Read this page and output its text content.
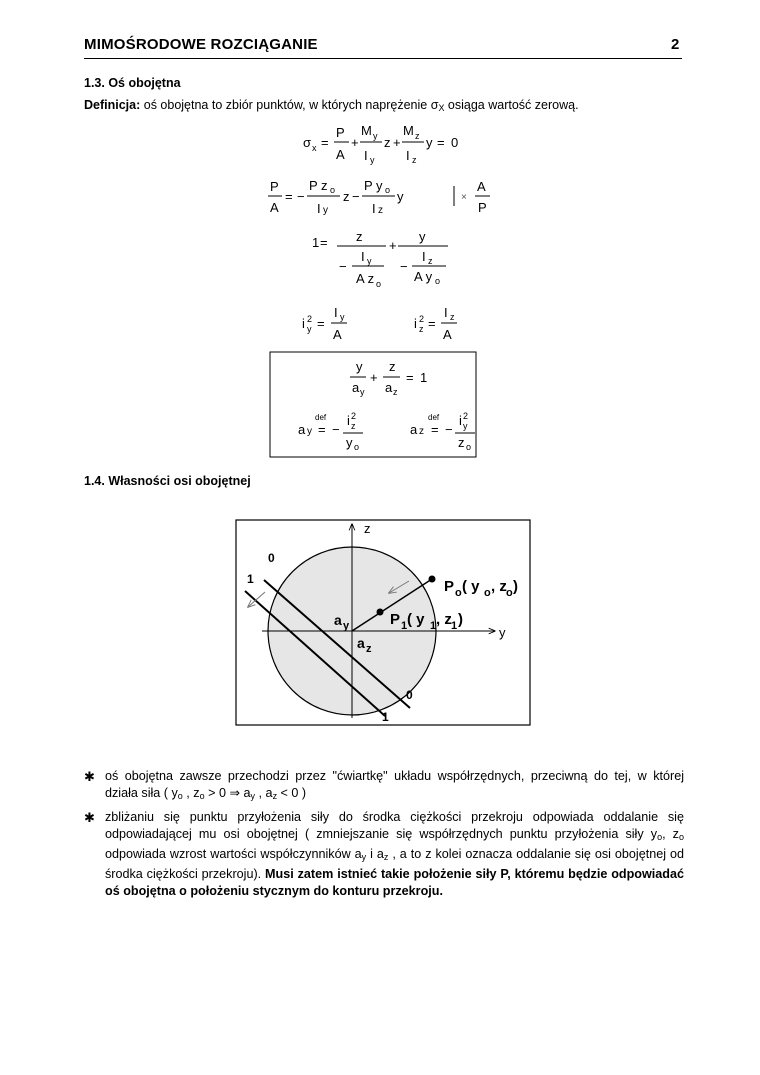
MIMOŚRODOWE ROZCIĄGANIE	2
1.3. Oś obojętna
Definicja: oś obojętna to zbiór punktów, w których naprężenie $\sigma_X$ osiąga wartość zerową.
σ x =
P
A
+
M y
I y
z +
M z
I z
y = 0
P
A
= −
P z o
I y
z −
P y o
I z
y	×
A
P
1 = z
−
I y
A z o
+
y
−
I z
A y o
i 2
y =
I y
A
i 2
z =
I z
A
y
a y
+
z
a z
= 1
a y
def
= −
i 2
z
y o
a z
def
= −
i 2
y
z o
1.4. Własności osi obojętnej
z
y
0
1
0
1
P o ( y o , z o )
P 1 ( y 1 , z 1 )
a y
a z
✱ oś obojętna zawsze przechodzi przez "ćwiartkę" układu współrzędnych, przeciwną do tej, w której działa siła ( $y_o$ , $z_o > 0$ ⇒ $a_y$ , $a_z < 0$ )
✱ zbliżaniu się punktu przyłożenia siły do środka ciężkości przekroju odpowiada oddalanie się odpowiadającej mu osi obojętnej ( zmniejszanie się współrzędnych punktu przyłożenia siły $y_o$, $z_o$ odpowiada wzrost wartości współczynników $a_y$ i $a_z$ , a to z kolei oznacza oddalanie się osi obojętnej od środka ciężkości przekroju). Musi zatem istnieć takie położenie siły P, któremu będzie odpowiadać oś obojętna o położeniu stycznym do konturu przekroju.
